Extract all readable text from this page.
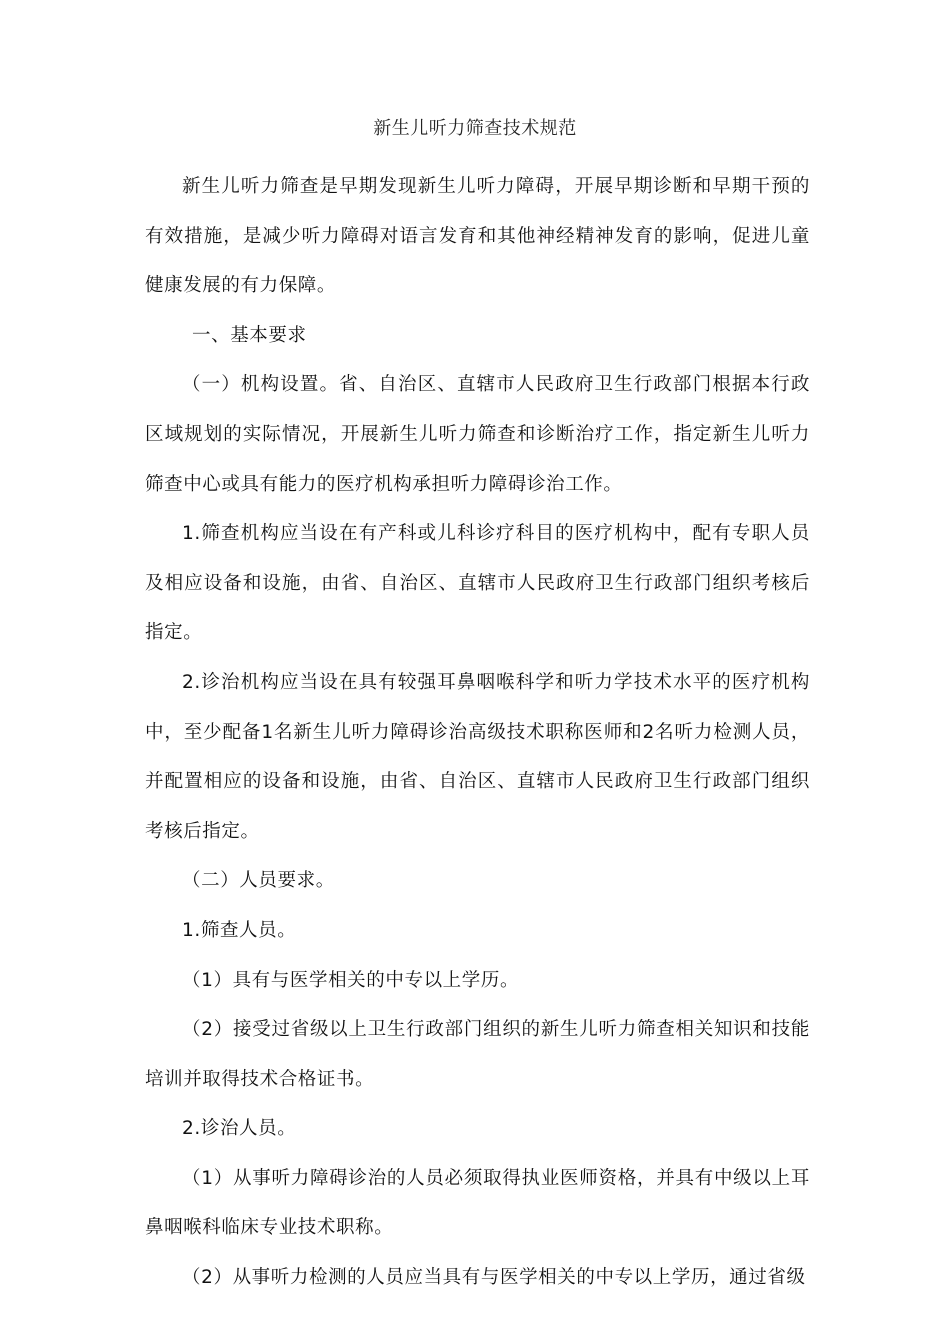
新生儿听力筛查技术规范

新生儿听力筛查是早期发现新生儿听力障碍，开展早期诊断和早期干预的有效措施，是减少听力障碍对语言发育和其他神经精神发育的影响，促进儿童健康发展的有力保障。

一、基本要求

（一）机构设置。省、自治区、直辖市人民政府卫生行政部门根据本行政区域规划的实际情况，开展新生儿听力筛查和诊断治疗工作，指定新生儿听力筛查中心或具有能力的医疗机构承担听力障碍诊治工作。

1.筛查机构应当设在有产科或儿科诊疗科目的医疗机构中，配有专职人员及相应设备和设施，由省、自治区、直辖市人民政府卫生行政部门组织考核后指定。

2.诊治机构应当设在具有较强耳鼻咽喉科学和听力学技术水平的医疗机构中，至少配备1名新生儿听力障碍诊治高级技术职称医师和2名听力检测人员，并配置相应的设备和设施，由省、自治区、直辖市人民政府卫生行政部门组织考核后指定。

（二）人员要求。

1.筛查人员。

（1）具有与医学相关的中专以上学历。

（2）接受过省级以上卫生行政部门组织的新生儿听力筛查相关知识和技能培训并取得技术合格证书。

2.诊治人员。

（1）从事听力障碍诊治的人员必须取得执业医师资格，并具有中级以上耳鼻咽喉科临床专业技术职称。

（2）从事听力检测的人员应当具有与医学相关的中专以上学历，通过省级
